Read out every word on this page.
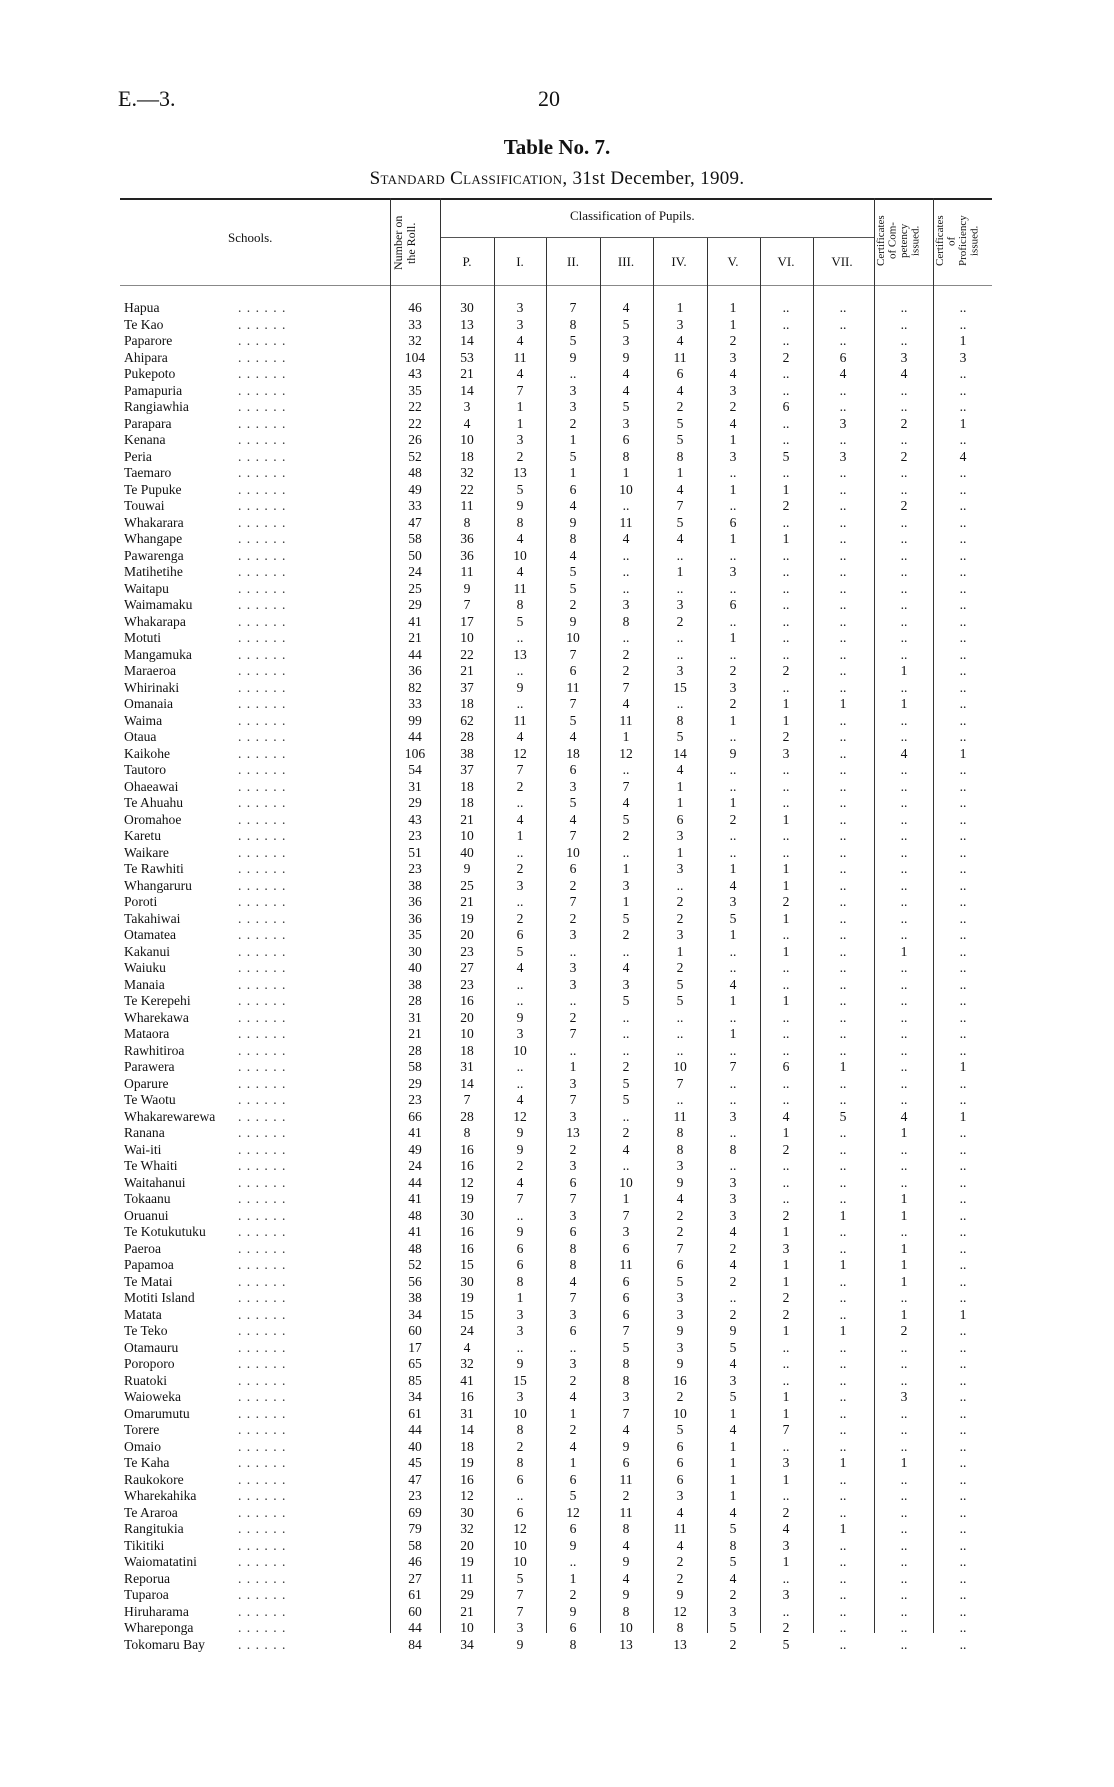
E.—3.	20
Table No. 7.
Standard Classification, 31st December, 1909.
Schools.	Number on
the Roll.
Classification of Pupils.
P.	I.	II.	III.	IV.	V.	VI.	VII.	Certificates
of Com-
petency
issued.	Certificates
of
Proficiency
issued.
Hapua	. . . . . .	46	30	3	7	4	1	1	..	..	..	..
Te Kao	. . . . . .	33	13	3	8	5	3	1	..	..	..	..
Paparore	. . . . . .	32	14	4	5	3	4	2	..	..	..	1
Ahipara	. . . . . .	104	53	11	9	9	11	3	2	6	3	3
Pukepoto	. . . . . .	43	21	4	..	4	6	4	..	4	4	..
Pamapuria	. . . . . .	35	14	7	3	4	4	3	..	..	..	..
Rangiawhia	. . . . . .	22	3	1	3	5	2	2	6	..	..	..
Parapara	. . . . . .	22	4	1	2	3	5	4	..	3	2	1
Kenana	. . . . . .	26	10	3	1	6	5	1	..	..	..	..
Peria	. . . . . .	52	18	2	5	8	8	3	5	3	2	4
Taemaro	. . . . . .	48	32	13	1	1	1	..	..	..	..	..
Te Pupuke	. . . . . .	49	22	5	6	10	4	1	1	..	..	..
Touwai	. . . . . .	33	11	9	4	..	7	..	2	..	2	..
Whakarara	. . . . . .	47	8	8	9	11	5	6	..	..	..	..
Whangape	. . . . . .	58	36	4	8	4	4	1	1	..	..	..
Pawarenga	. . . . . .	50	36	10	4	..	..	..	..	..	..	..
Matihetihe	. . . . . .	24	11	4	5	..	1	3	..	..	..	..
Waitapu	. . . . . .	25	9	11	5	..	..	..	..	..	..	..
Waimamaku	. . . . . .	29	7	8	2	3	3	6	..	..	..	..
Whakarapa	. . . . . .	41	17	5	9	8	2	..	..	..	..	..
Motuti	. . . . . .	21	10	..	10	..	..	1	..	..	..	..
Mangamuka	. . . . . .	44	22	13	7	2	..	..	..	..	..	..
Maraeroa	. . . . . .	36	21	..	6	2	3	2	2	..	1	..
Whirinaki	. . . . . .	82	37	9	11	7	15	3	..	..	..	..
Omanaia	. . . . . .	33	18	..	7	4	..	2	1	1	1	..
Waima	. . . . . .	99	62	11	5	11	8	1	1	..	..	..
Otaua	. . . . . .	44	28	4	4	1	5	..	2	..	..	..
Kaikohe	. . . . . .	106	38	12	18	12	14	9	3	..	4	1
Tautoro	. . . . . .	54	37	7	6	..	4	..	..	..	..	..
Ohaeawai	. . . . . .	31	18	2	3	7	1	..	..	..	..	..
Te Ahuahu	. . . . . .	29	18	..	5	4	1	1	..	..	..	..
Oromahoe	. . . . . .	43	21	4	4	5	6	2	1	..	..	..
Karetu	. . . . . .	23	10	1	7	2	3	..	..	..	..	..
Waikare	. . . . . .	51	40	..	10	..	1	..	..	..	..	..
Te Rawhiti	. . . . . .	23	9	2	6	1	3	1	1	..	..	..
Whangaruru	. . . . . .	38	25	3	2	3	..	4	1	..	..	..
Poroti	. . . . . .	36	21	..	7	1	2	3	2	..	..	..
Takahiwai	. . . . . .	36	19	2	2	5	2	5	1	..	..	..
Otamatea	. . . . . .	35	20	6	3	2	3	1	..	..	..	..
Kakanui	. . . . . .	30	23	5	..	..	1	..	1	..	1	..
Waiuku	. . . . . .	40	27	4	3	4	2	..	..	..	..	..
Manaia	. . . . . .	38	23	..	3	3	5	4	..	..	..	..
Te Kerepehi	. . . . . .	28	16	..	..	5	5	1	1	..	..	..
Wharekawa	. . . . . .	31	20	9	2	..	..	..	..	..	..	..
Mataora	. . . . . .	21	10	3	7	..	..	1	..	..	..	..
Rawhitiroa	. . . . . .	28	18	10	..	..	..	..	..	..	..	..
Parawera	. . . . . .	58	31	..	1	2	10	7	6	1	..	1
Oparure	. . . . . .	29	14	..	3	5	7	..	..	..	..	..
Te Waotu	. . . . . .	23	7	4	7	5	..	..	..	..	..	..
Whakarewarewa . . . . . .	66	28	12	3	..	11	3	4	5	4	1
Ranana	. . . . . .	41	8	9	13	2	8	..	1	..	1	..
Wai-iti	. . . . . .	49	16	9	2	4	8	8	2	..	..	..
Te Whaiti	. . . . . .	24	16	2	3	..	3	..	..	..	..	..
Waitahanui	. . . . . .	44	12	4	6	10	9	3	..	..	..	..
Tokaanu	. . . . . .	41	19	7	7	1	4	3	..	..	1	..
Oruanui	. . . . . .	48	30	..	3	7	2	3	2	1	1	..
Te Kotukutuku . . . . . .	41	16	9	6	3	2	4	1	..	..	..
Paeroa	. . . . . .	48	16	6	8	6	7	2	3	..	1	..
Papamoa	. . . . . .	52	15	6	8	11	6	4	1	1	1	..
Te Matai	. . . . . .	56	30	8	4	6	5	2	1	..	1	..
Motiti Island	. . . . . .	38	19	1	7	6	3	..	2	..	..	..
Matata	. . . . . .	34	15	3	3	6	3	2	2	..	1	1
Te Teko	. . . . . .	60	24	3	6	7	9	9	1	1	2	..
Otamauru	. . . . . .	17	4	..	..	5	3	5	..	..	..	..
Poroporo	. . . . . .	65	32	9	3	8	9	4	..	..	..	..
Ruatoki	. . . . . .	85	41	15	2	8	16	3	..	..	..	..
Waioweka	. . . . . .	34	16	3	4	3	2	5	1	..	3	..
Omarumutu	. . . . . .	61	31	10	1	7	10	1	1	..	..	..
Torere	. . . . . .	44	14	8	2	4	5	4	7	..	..	..
Omaio	. . . . . .	40	18	2	4	9	6	1	..	..	..	..
Te Kaha	. . . . . .	45	19	8	1	6	6	1	3	1	1	..
Raukokore	. . . . . .	47	16	6	6	11	6	1	1	..	..	..
Wharekahika	. . . . . .	23	12	..	5	2	3	1	..	..	..	..
Te Araroa	. . . . . .	69	30	6	12	11	4	4	2	..	..	..
Rangitukia	. . . . . .	79	32	12	6	8	11	5	4	1	..	..
Tikitiki	. . . . . .	58	20	10	9	4	4	8	3	..	..	..
Waiomatatini	. . . . . .	46	19	10	..	9	2	5	1	..	..	..
Reporua	. . . . . .	27	11	5	1	4	2	4	..	..	..	..
Tuparoa	. . . . . .	61	29	7	2	9	9	2	3	..	..	..
Hiruharama	. . . . . .	60	21	7	9	8	12	3	..	..	..	..
Whareponga	. . . . . .	44	10	3	6	10	8	5	2	..	..	..
Tokomaru Bay . . . . . .	84	34	9	8	13	13	2	5	..	..	..
